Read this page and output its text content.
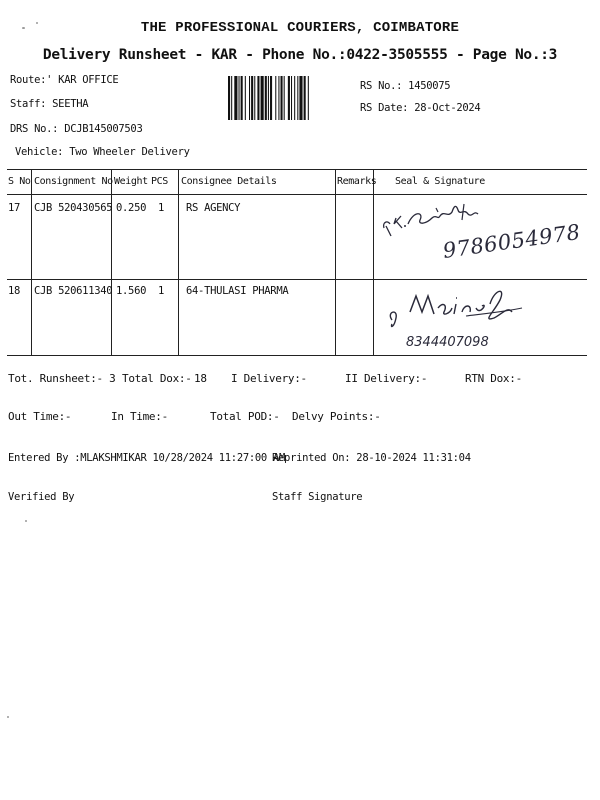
THE PROFESSIONAL COURIERS, COIMBATORE
Delivery Runsheet - KAR - Phone No.:0422-3505555 - Page No.:3
Route:' KAR OFFICE
Staff: SEETHA
DRS No.: DCJB145007503
Vehicle: Two Wheeler Delivery
RS No.: 1450075
RS Date: 28-Oct-2024
S No Consignment No Weight PCS Consignee Details	Remarks Seal & Signature
17 CJB 520430565 0.250 1 RS AGENCY
18 CJB 520611340 1.560 1 64-THULASI PHARMA
9786054978
8344407098
Tot. Runsheet:- 3 Total Dox:- 18 I Delivery:-	II Delivery:-	RTN Dox:-
Out Time:-	In Time:-	Total POD:- Delvy Points:-
Entered By :MLAKSHMIKAR 10/28/2024 11:27:00 AM
Reprinted On: 28-10-2024 11:31:04
Verified By	Staff Signature
